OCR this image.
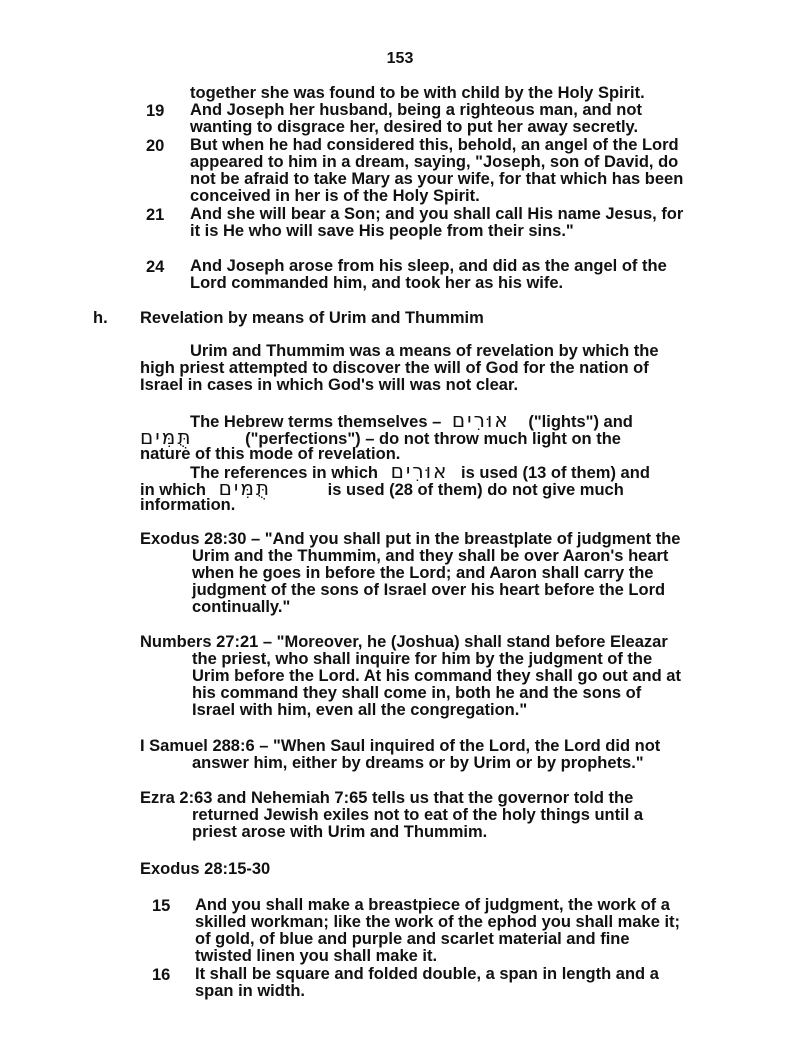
153
together she was found to be with child by the Holy Spirit.
19 And Joseph her husband, being a righteous man, and not
wanting to disgrace her, desired to put her away secretly.
20 But when he had considered this, behold, an angel of the Lord
appeared to him in a dream, saying, "Joseph, son of David, do
not be afraid to take Mary as your wife, for that which has been
conceived in her is of the Holy Spirit.
21 And she will bear a Son; and you shall call His name Jesus, for
it is He who will save His people from their sins."
24 And Joseph arose from his sleep, and did as the angel of the
Lord commanded him, and took her as his wife.
h. Revelation by means of Urim and Thummim
Urim and Thummim was a means of revelation by which the
high priest attempted to discover the will of God for the nation of
Israel in cases in which God's will was not clear.
The Hebrew terms themselves – אוּרִים ("lights") and
תֻּמִּים	("perfections") – do not throw much light on the
nature of this mode of revelation.
The references in which אוּרִים is used (13 of them) and
in which תֻּמִּים	is used (28 of them) do not give much
information.
Exodus 28:30 – "And you shall put in the breastplate of judgment the
Urim and the Thummim, and they shall be over Aaron's heart
when he goes in before the Lord; and Aaron shall carry the
judgment of the sons of Israel over his heart before the Lord
continually."
Numbers 27:21 – "Moreover, he (Joshua) shall stand before Eleazar
the priest, who shall inquire for him by the judgment of the
Urim before the Lord. At his command they shall go out and at
his command they shall come in, both he and the sons of
Israel with him, even all the congregation."
I Samuel 288:6 – "When Saul inquired of the Lord, the Lord did not
answer him, either by dreams or by Urim or by prophets."
Ezra 2:63 and Nehemiah 7:65 tells us that the governor told the
returned Jewish exiles not to eat of the holy things until a
priest arose with Urim and Thummim.
Exodus 28:15-30
15 And you shall make a breastpiece of judgment, the work of a
skilled workman; like the work of the ephod you shall make it;
of gold, of blue and purple and scarlet material and fine
twisted linen you shall make it.
16 It shall be square and folded double, a span in length and a
span in width.
